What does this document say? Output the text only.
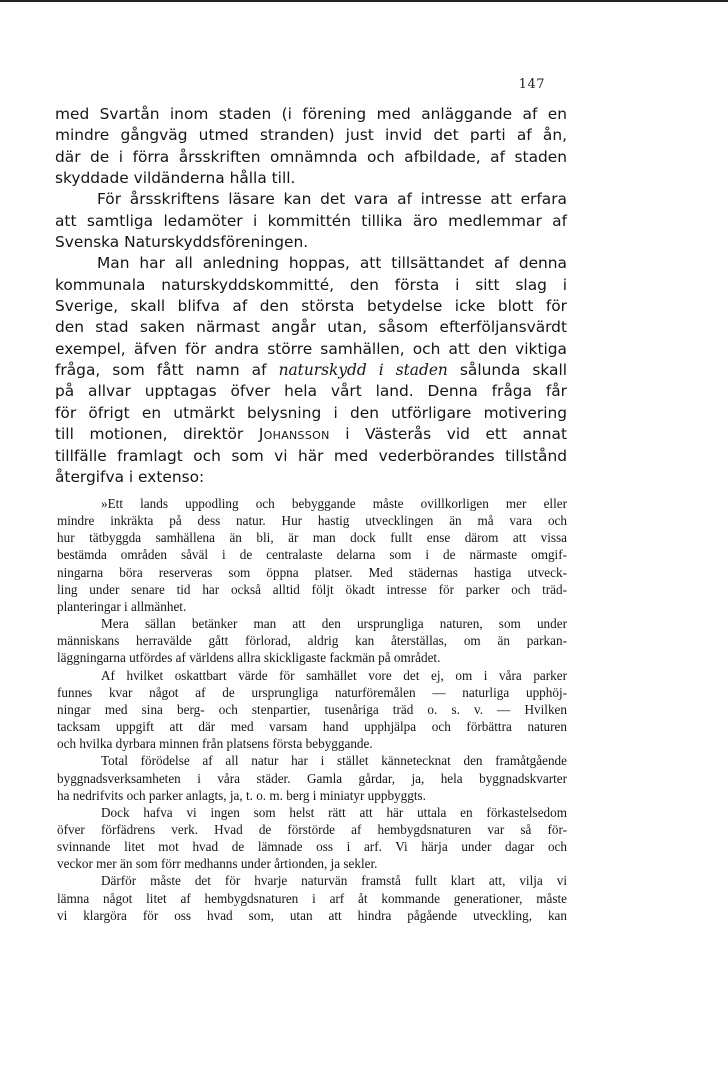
147

med Svartån inom staden (i förening med anläggande af en
mindre gångväg utmed stranden) just invid det parti af ån,
där de i förra årsskriften omnämnda och afbildade, af staden
skyddade vildänderna hålla till.

För årsskriftens läsare kan det vara af intresse att erfara
att samtliga ledamöter i kommittén tillika äro medlemmar af
Svenska Naturskyddsföreningen.

Man har all anledning hoppas, att tillsättandet af denna
kommunala naturskyddskommitté, den första i sitt slag i
Sverige, skall blifva af den största betydelse icke blott för
den stad saken närmast angår utan, såsom efterföljansvärdt
exempel, äfven för andra större samhällen, och att den viktiga
fråga, som fått namn af naturskydd i staden sålunda skall
på allvar upptagas öfver hela vårt land. Denna fråga får
för öfrigt en utmärkt belysning i den utförligare motivering
till motionen, direktör Johansson i Västerås vid ett annat
tillfälle framlagt och som vi här med vederbörandes tillstånd
återgifva i extenso:

»Ett lands uppodling och bebyggande måste ovillkorligen mer eller
mindre inkräkta på dess natur. Hur hastig utvecklingen än må vara och
hur tätbyggda samhällena än bli, är man dock fullt ense därom att vissa
bestämda områden såväl i de centralaste delarna som i de närmaste omgif-
ningarna böra reserveras som öppna platser. Med städernas hastiga utveck-
ling under senare tid har också alltid följt ökadt intresse för parker och träd-
planteringar i allmänhet.

Mera sällan betänker man att den ursprungliga naturen, som under
människans herravälde gått förlorad, aldrig kan återställas, om än parkan-
läggningarna utfördes af världens allra skickligaste fackmän på området.

Af hvilket oskattbart värde för samhället vore det ej, om i våra parker
funnes kvar något af de ursprungliga naturföremålen — naturliga upphöj-
ningar med sina berg- och stenpartier, tusenåriga träd o. s. v. — Hvilken
tacksam uppgift att där med varsam hand upphjälpa och förbättra naturen
och hvilka dyrbara minnen från platsens första bebyggande.

Total förödelse af all natur har i stället kännetecknat den framåtgående
byggnadsverksamheten i våra städer. Gamla gårdar, ja, hela byggnadskvarter
ha nedrifvits och parker anlagts, ja, t. o. m. berg i miniatyr uppbyggts.

Dock hafva vi ingen som helst rätt att här uttala en förkastelsedom
öfver förfädrens verk. Hvad de förstörde af hembygdsnaturen var så för-
svinnande litet mot hvad de lämnade oss i arf. Vi härja under dagar och
veckor mer än som förr medhanns under årtionden, ja sekler.

Därför måste det för hvarje naturvän framstå fullt klart att, vilja vi
lämna något litet af hembygdsnaturen i arf åt kommande generationer, måste
vi klargöra för oss hvad som, utan att hindra pågående utveckling, kan
